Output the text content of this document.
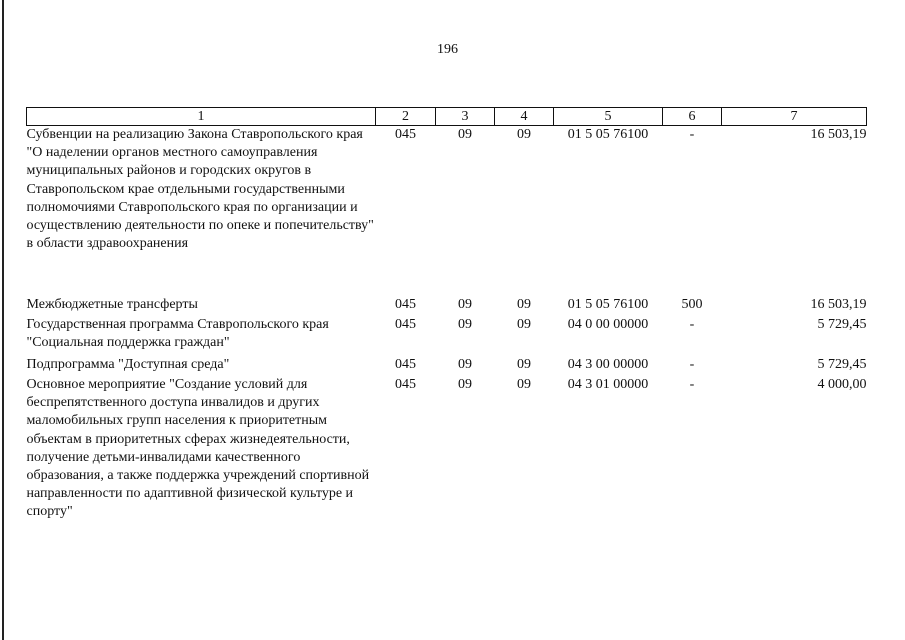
196
1	2	3	4	5	6	7
Субвенции на реализацию Закона Ставропольского края "О наделении органов местного самоуправления муниципальных районов и городских округов в Ставропольском крае отдельными государственными полномочиями Ставропольского края по организации и осуществлению деятельности по опеке и попечительству" в области здравоохранения	045	09	09	01 5 05 76100	-	16 503,19
Межбюджетные трансферты	045	09	09	01 5 05 76100	500	16 503,19
Государственная программа Ставропольского края "Социальная поддержка граждан"	045	09	09	04 0 00 00000	-	5 729,45
Подпрограмма "Доступная среда"	045	09	09	04 3 00 00000	-	5 729,45
Основное мероприятие "Создание условий для беспрепятственного доступа инвалидов и других маломобильных групп населения к приоритетным объектам в приоритетных сферах жизнедеятельности, получение детьми-инвалидами качественного образования, а также поддержка учреждений спортивной направленности по адаптивной физической культуре и спорту"	045	09	09	04 3 01 00000	-	4 000,00
